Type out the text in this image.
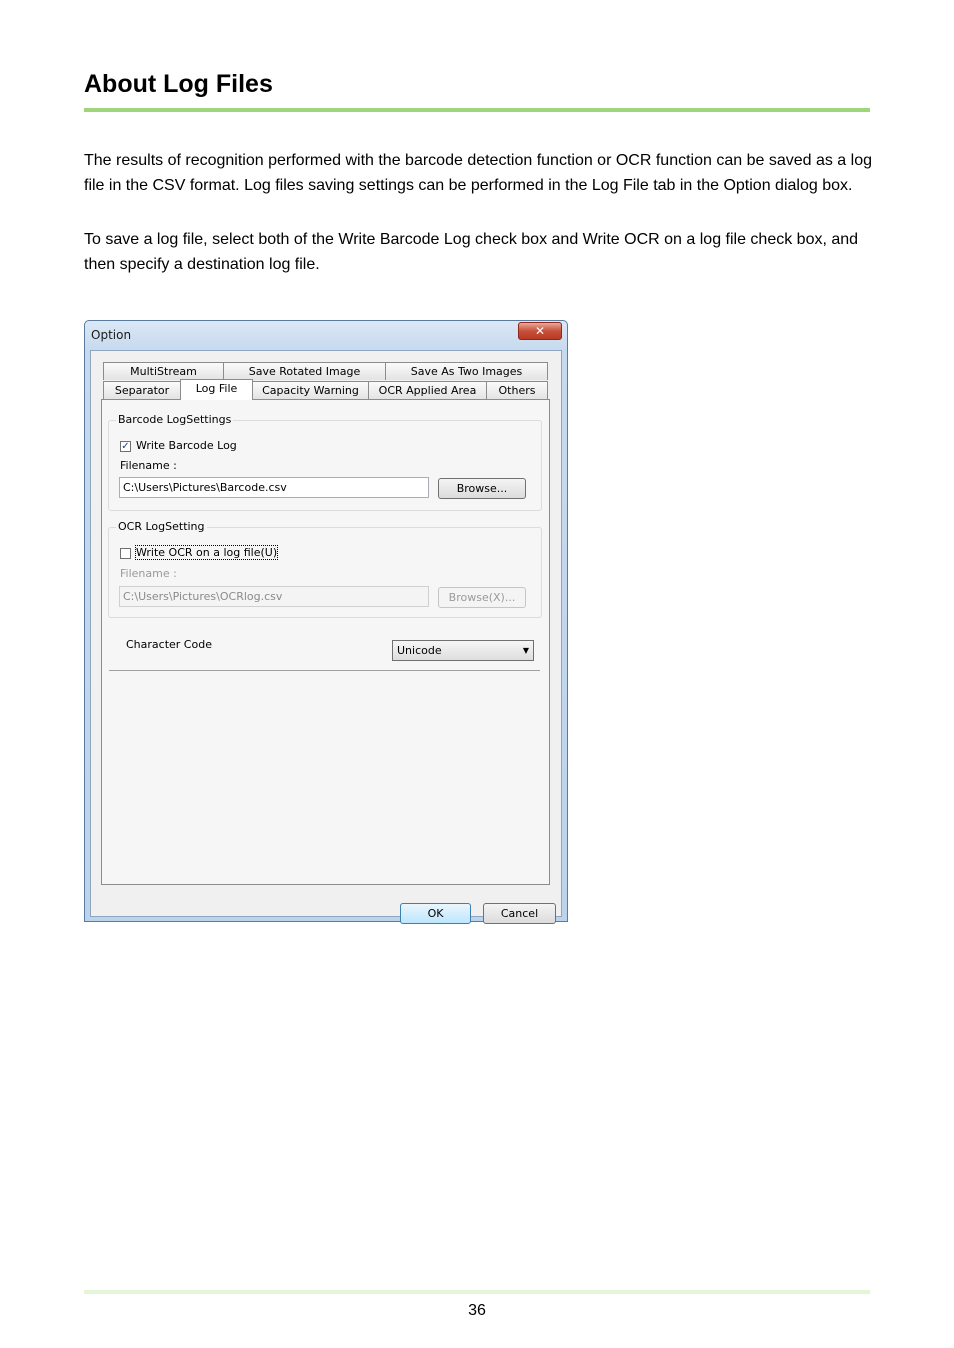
About Log Files

The results of recognition performed with the barcode detection function or OCR function can be saved as a log file in the CSV format. Log files saving settings can be performed in the Log File tab in the Option dialog box.

To save a log file, select both of the Write Barcode Log check box and Write OCR on a log file check box, and then specify a destination log file.

Option	✕
MultiStream	Save Rotated Image	Save As Two Images
Separator	Log File	Capacity Warning	OCR Applied Area	Others
Barcode LogSettings
✓ Write Barcode Log
Filename :
C:\Users\Pictures\Barcode.csv	Browse...
OCR LogSetting
Write OCR on a log file(U)
Filename :
C:\Users\Pictures\OCRlog.csv	Browse(X)...
Character Code	Unicode	▼
OK	Cancel
36
